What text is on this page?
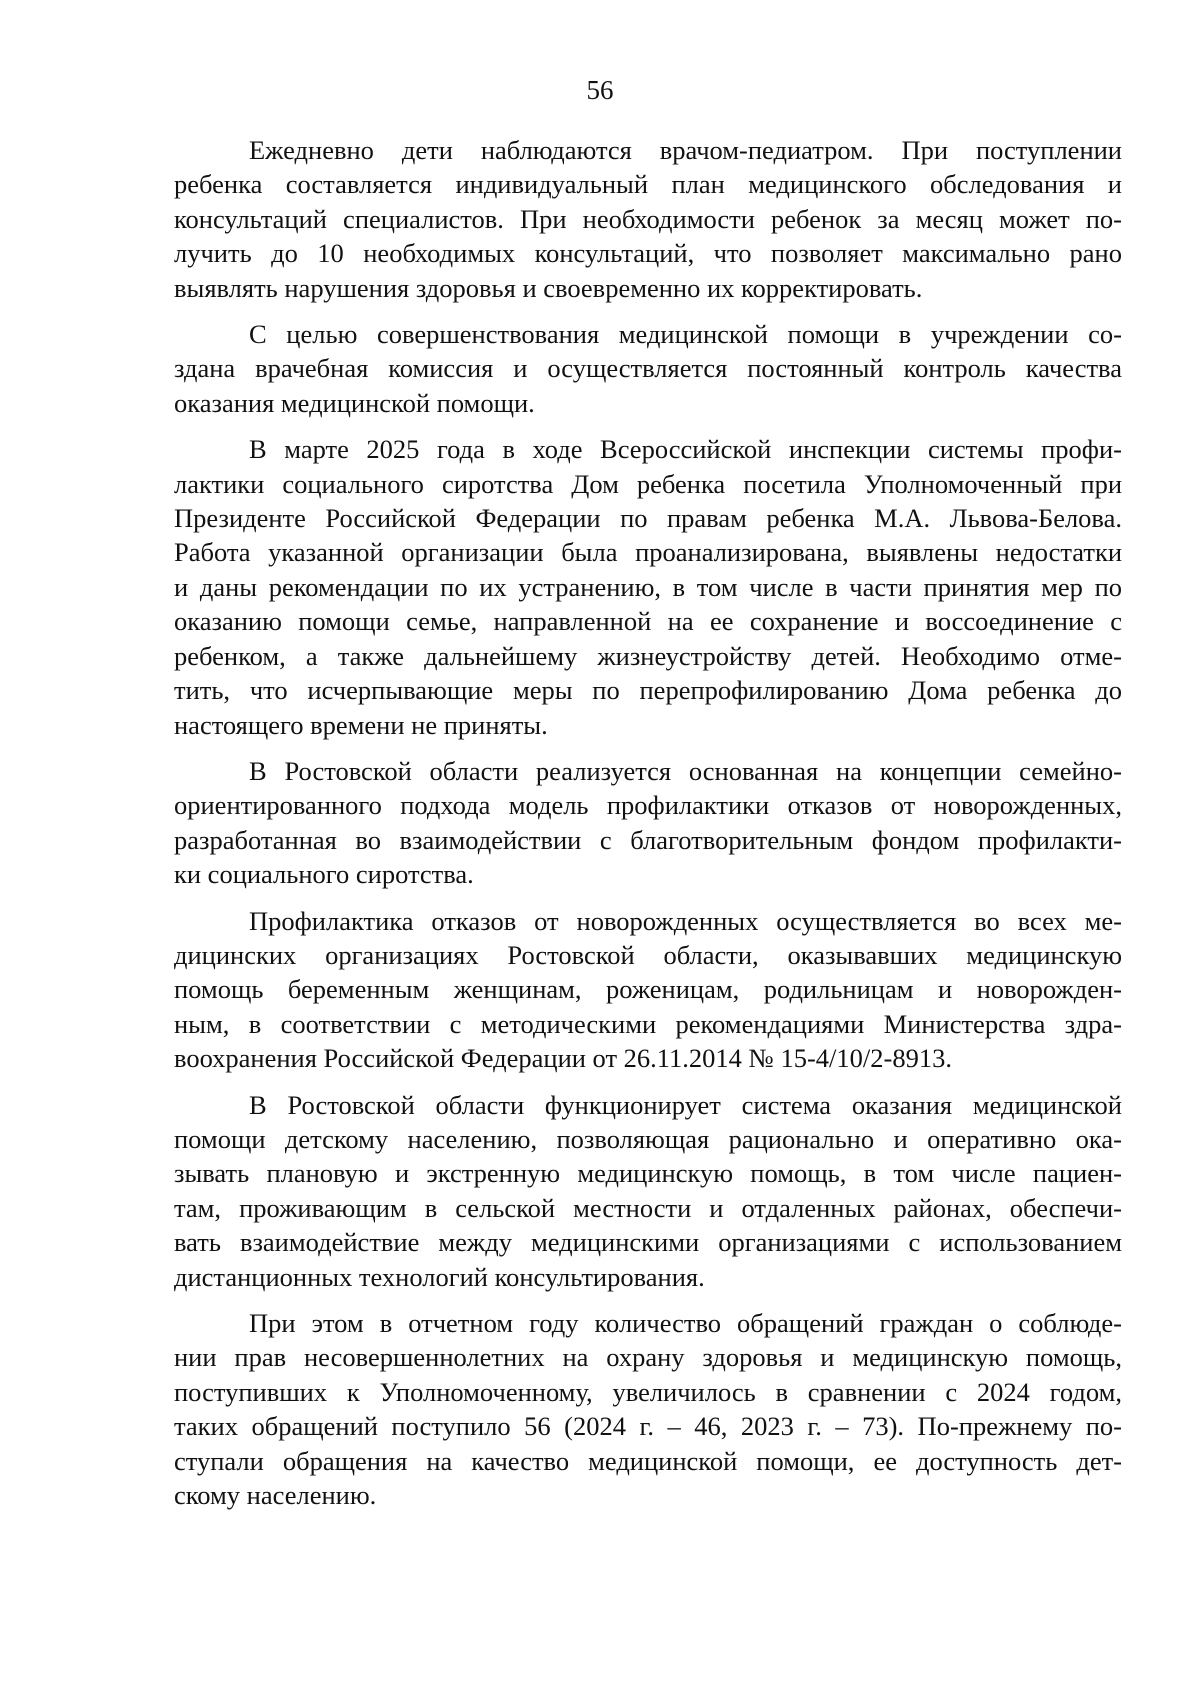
56
Ежедневно дети наблюдаются врачом-педиатром. При поступлении
ребенка составляется индивидуальный план медицинского обследования и
консультаций специалистов. При необходимости ребенок за месяц может по-
лучить до 10 необходимых консультаций, что позволяет максимально рано
выявлять нарушения здоровья и своевременно их корректировать.
С целью совершенствования медицинской помощи в учреждении со-
здана врачебная комиссия и осуществляется постоянный контроль качества
оказания медицинской помощи.
В марте 2025 года в ходе Всероссийской инспекции системы профи-
лактики социального сиротства Дом ребенка посетила Уполномоченный при
Президенте Российской Федерации по правам ребенка М.А. Львова-Белова.
Работа указанной организации была проанализирована, выявлены недостатки
и даны рекомендации по их устранению, в том числе в части принятия мер по
оказанию помощи семье, направленной на ее сохранение и воссоединение с
ребенком, а также дальнейшему жизнеустройству детей. Необходимо отме-
тить, что исчерпывающие меры по перепрофилированию Дома ребенка до
настоящего времени не приняты.
В Ростовской области реализуется основанная на концепции семейно-
ориентированного подхода модель профилактики отказов от новорожденных,
разработанная во взаимодействии с благотворительным фондом профилакти-
ки социального сиротства.
Профилактика отказов от новорожденных осуществляется во всех ме-
дицинских организациях Ростовской области, оказывавших медицинскую
помощь беременным женщинам, роженицам, родильницам и новорожден-
ным, в соответствии с методическими рекомендациями Министерства здра-
воохранения Российской Федерации от 26.11.2014 № 15-4/10/2-8913.
В Ростовской области функционирует система оказания медицинской
помощи детскому населению, позволяющая рационально и оперативно ока-
зывать плановую и экстренную медицинскую помощь, в том числе пациен-
там, проживающим в сельской местности и отдаленных районах, обеспечи-
вать взаимодействие между медицинскими организациями с использованием
дистанционных технологий консультирования.
При этом в отчетном году количество обращений граждан о соблюде-
нии прав несовершеннолетних на охрану здоровья и медицинскую помощь,
поступивших к Уполномоченному, увеличилось в сравнении с 2024 годом,
таких обращений поступило 56 (2024 г. – 46, 2023 г. – 73). По-прежнему по-
ступали обращения на качество медицинской помощи, ее доступность дет-
скому населению.
